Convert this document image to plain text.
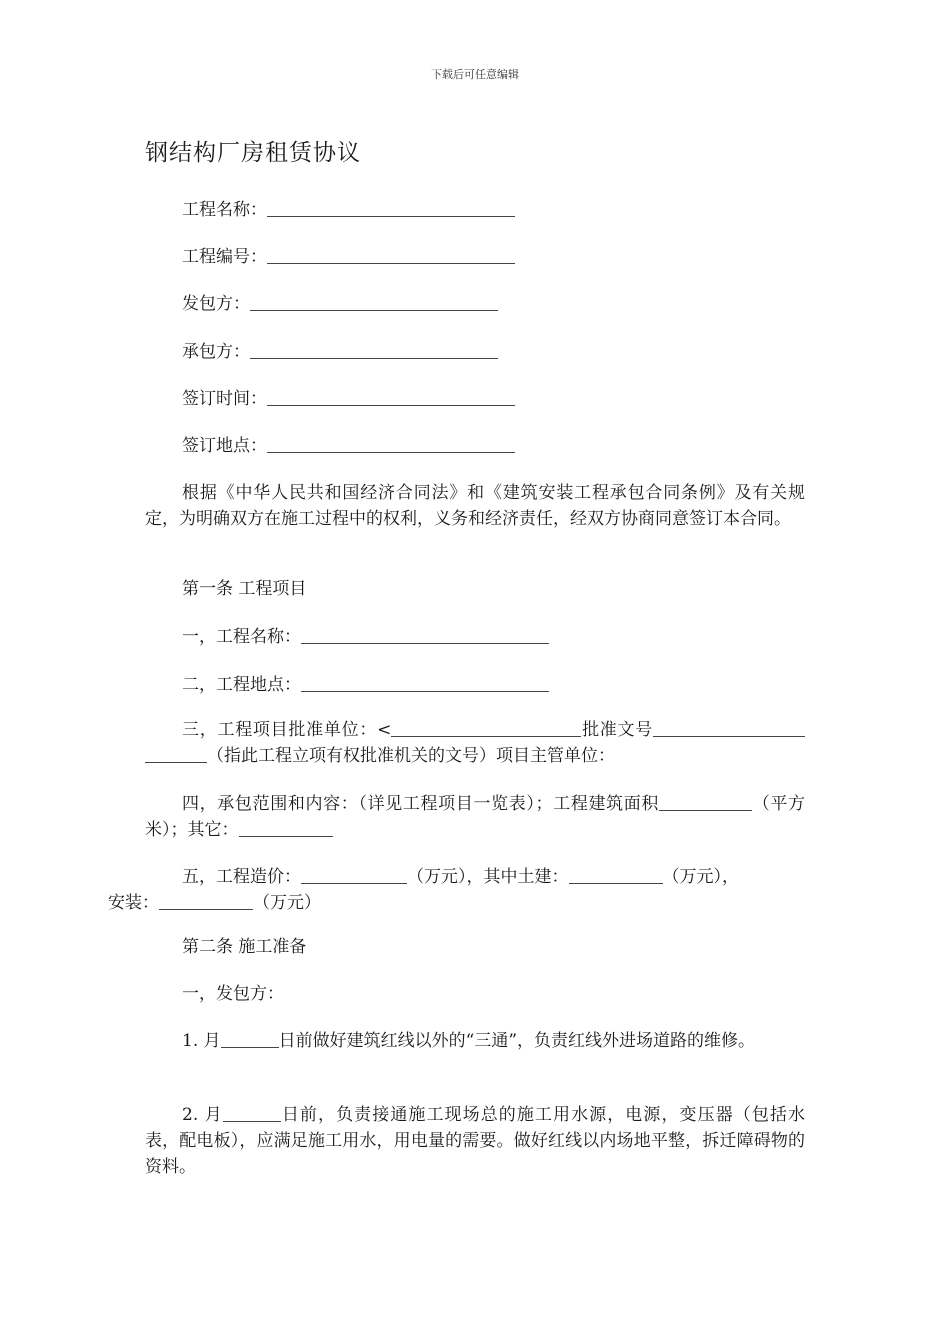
下载后可任意编辑
钢结构厂房租赁协议
工程名称：
工程编号：
发包方：
承包方：
签订时间：
签订地点：
根据《中华人民共和国经济合同法》和《建筑安装工程承包合同条例》及有关规定，为明确双方在施工过程中的权利，义务和经济责任，经双方协商同意签订本合同。
第一条 工程项目
一，工程名称：
二，工程地点：
三，工程项目批准单位：<	批准文号（指此工程立项有权批准机关的文号）项目主管单位：
四，承包范围和内容：（详见工程项目一览表）；工程建筑面积	（平方米）；其它：
五，工程造价：	（万元），其中土建：	（万元），
安装：	（万元）
第二条 施工准备
一，发包方：
1. 月	日前做好建筑红线以外的“三通”，负责红线外进场道路的维修。
2. 月	日前，负责接通施工现场总的施工用水源，电源，变压器（包括水表，配电板），应满足施工用水，用电量的需要。做好红线以内场地平整，拆迁障碍物的资料。
